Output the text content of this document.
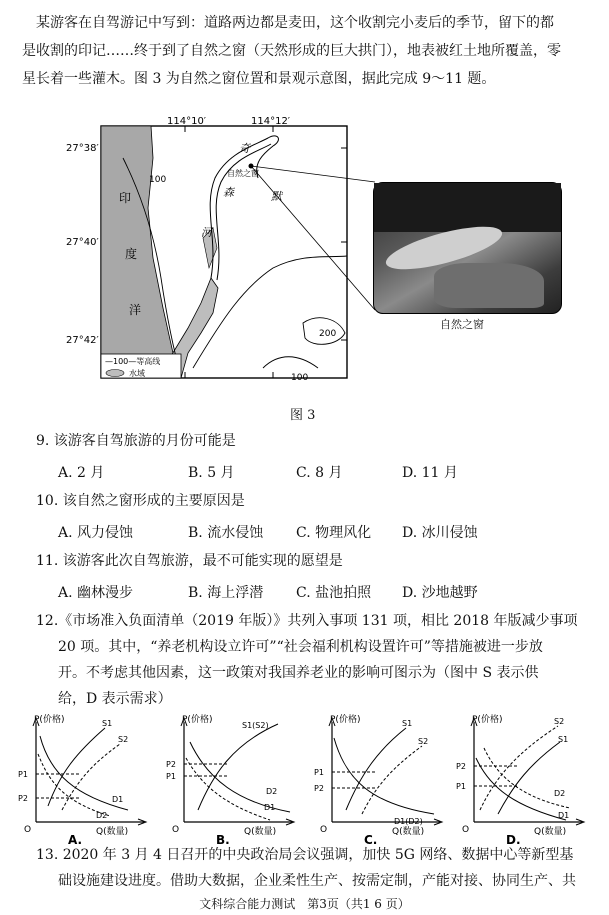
某游客在自驾游记中写到：道路两边都是麦田，这个收割完小麦后的季节，留下的都
是收割的印记……终于到了自然之窗（天然形成的巨大拱门），地表被红土地所覆盖，零
星长着一些灌木。图 3 为自然之窗位置和景观示意图，据此完成 9～11 题。
114°10′	114°12′
27°38′
27°40′
27°42′
印
度
洋
奇
森	默
河
100
100
200
自然之窗
—100—等高线
水域
自然之窗
图 3
9. 该游客自驾旅游的月份可能是
A. 2 月	B. 5 月	C. 8 月	D. 11 月
10. 该自然之窗形成的主要原因是
A. 风力侵蚀	B. 流水侵蚀 C. 物理风化 D. 冰川侵蚀
11. 该游客此次自驾旅游，最不可能实现的愿望是
A. 幽林漫步	B. 海上浮潜 C. 盐池拍照 D. 沙地越野
12.《市场准入负面清单（2019 年版）》共列入事项 131 项，相比 2018 年版减少事项
20 项。其中，“养老机构设立许可”“社会福利机构设置许可”等措施被进一步放
开。不考虑其他因素，这一政策对我国养老业的影响可图示为（图中 S 表示供
给，D 表示需求）
P(价格)
Q(数量)
O
A.
S1
S2
D1
D2
P1
P2
P(价格)
Q(数量)
O
B.
S1(S2)
D1
D2
P2
P1
P(价格)
Q(数量)
O
C.
S1
S2
D1(D2)
P1
P2
P(价格)
Q(数量)
O
D.
S2
S1
D2
D1
P2
P1
13. 2020 年 3 月 4 日召开的中央政治局会议强调，加快 5G 网络、数据中心等新型基
础设施建设进度。借助大数据，企业柔性生产、按需定制，产能对接、协同生产、共
文科综合能力测试　第3页（共1 6 页）
